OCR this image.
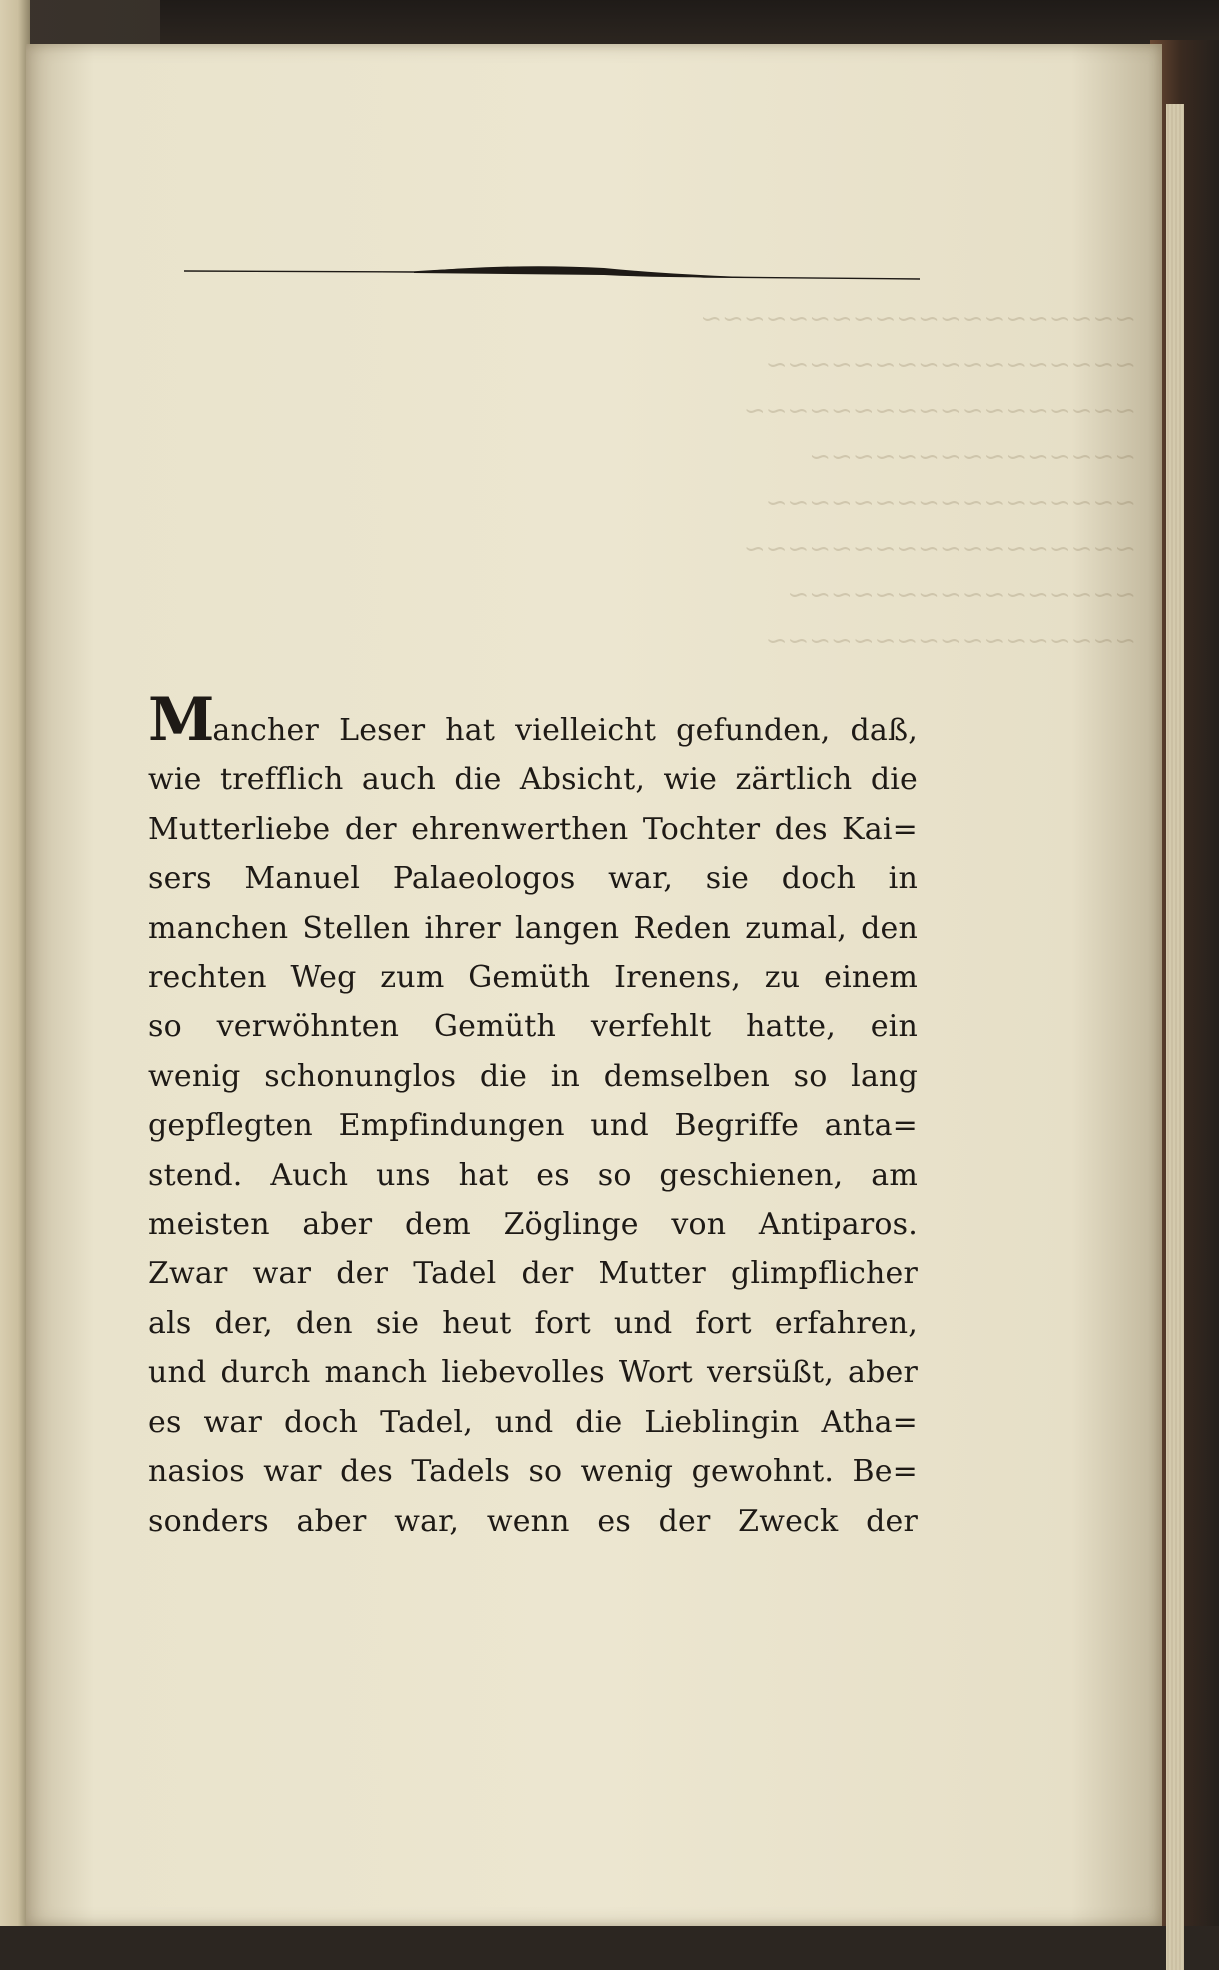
~~~~~~~~~~~~~~~~~~~~
~~~~~~~~~~~~~~~~~
~~~~~~~~~~~~~~~~~~
~~~~~~~~~~~~~~~
~~~~~~~~~~~~~~~~~
~~~~~~~~~~~~~~~~~~
~~~~~~~~~~~~~~~~
~~~~~~~~~~~~~~~~~
Mancher Leser hat vielleicht gefunden, daß,
wie trefflich auch die Absicht, wie zärtlich die
Mutterliebe der ehrenwerthen Tochter des Kai=
sers Manuel Palaeologos war, sie doch in
manchen Stellen ihrer langen Reden zumal, den
rechten Weg zum Gemüth Irenens, zu einem
so verwöhnten Gemüth verfehlt hatte, ein
wenig schonunglos die in demselben so lang
gepflegten Empfindungen und Begriffe anta=
stend. Auch uns hat es so geschienen, am
meisten aber dem Zöglinge von Antiparos.
Zwar war der Tadel der Mutter glimpflicher
als der, den sie heut fort und fort erfahren,
und durch manch liebevolles Wort versüßt, aber
es war doch Tadel, und die Lieblingin Atha=
nasios war des Tadels so wenig gewohnt. Be=
sonders aber war, wenn es der Zweck der
